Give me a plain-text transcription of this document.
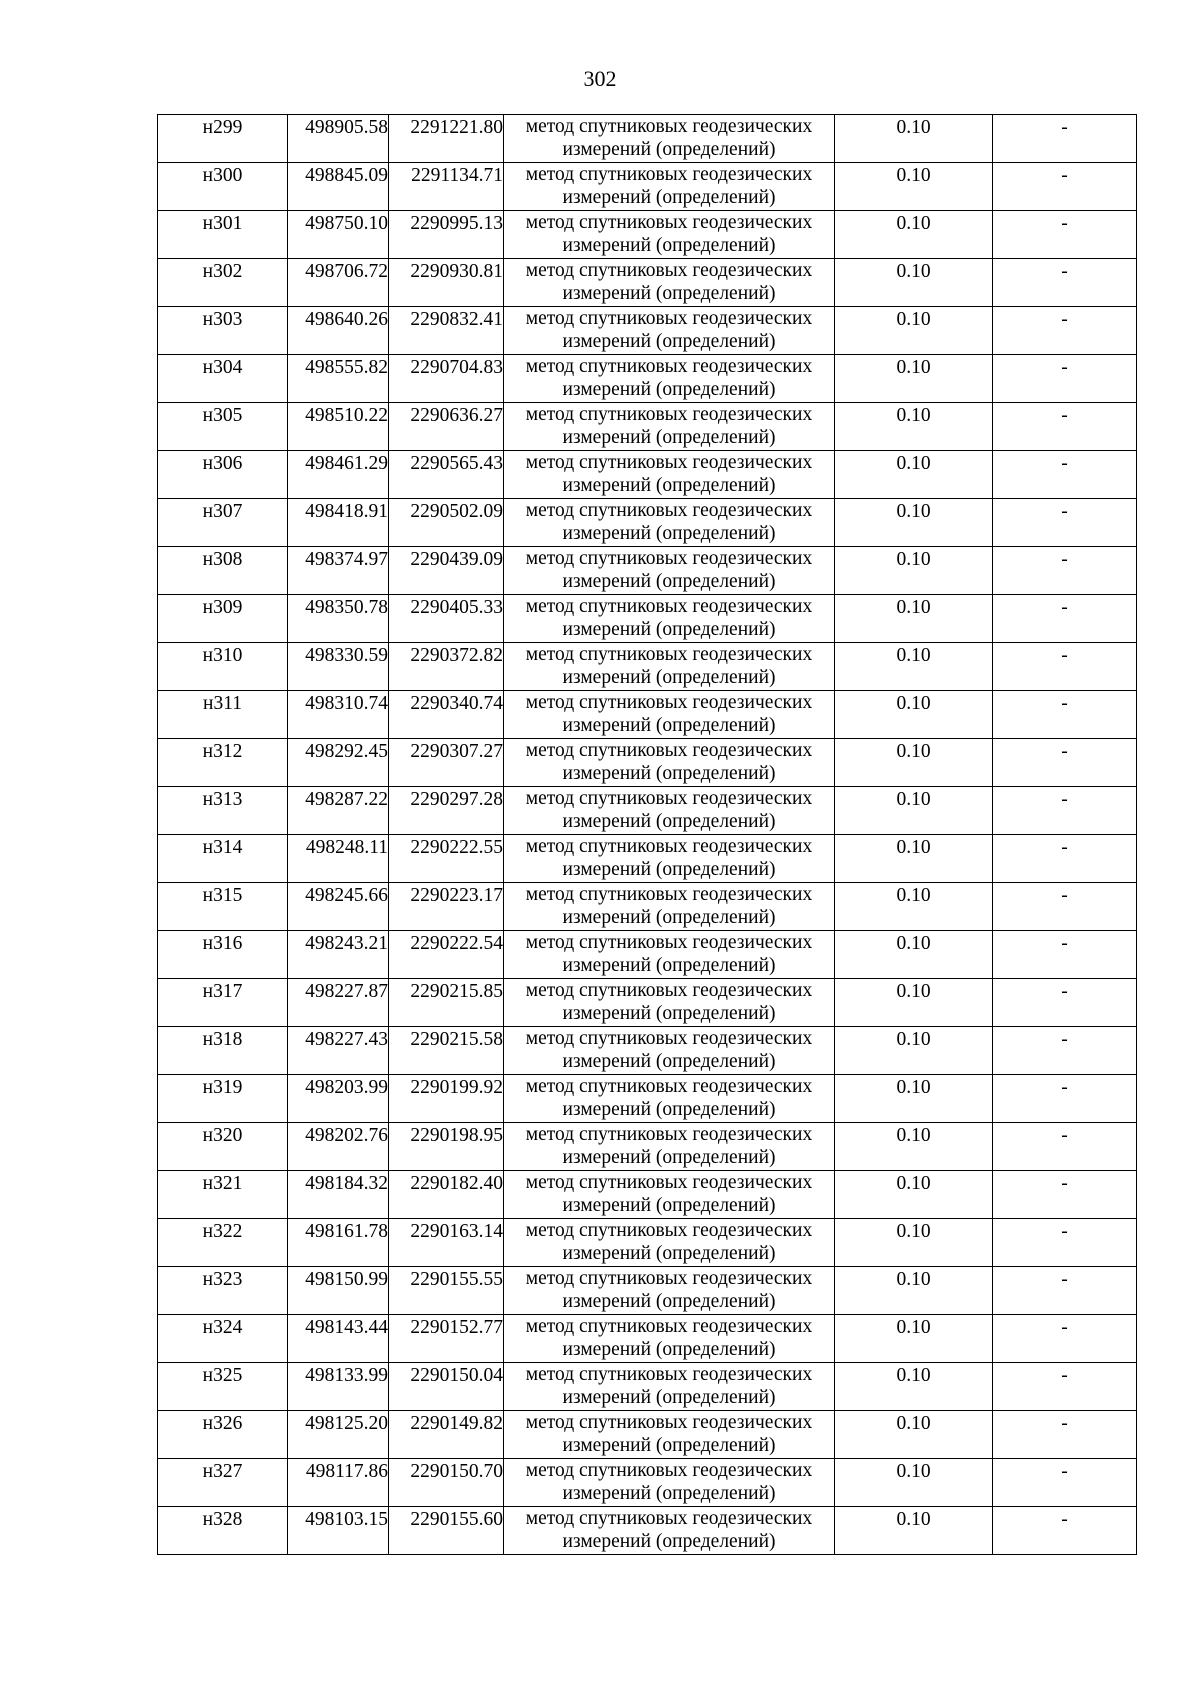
302
н299	498905.58	2291221.80	метод спутниковых геодезических
измерений (определений)	0.10	-

н300	498845.09	2291134.71	метод спутниковых геодезических
измерений (определений)	0.10	-

н301	498750.10	2290995.13	метод спутниковых геодезических
измерений (определений)	0.10	-

н302	498706.72	2290930.81	метод спутниковых геодезических
измерений (определений)	0.10	-

н303	498640.26	2290832.41	метод спутниковых геодезических
измерений (определений)	0.10	-

н304	498555.82	2290704.83	метод спутниковых геодезических
измерений (определений)	0.10	-

н305	498510.22	2290636.27	метод спутниковых геодезических
измерений (определений)	0.10	-

н306	498461.29	2290565.43	метод спутниковых геодезических
измерений (определений)	0.10	-

н307	498418.91	2290502.09	метод спутниковых геодезических
измерений (определений)	0.10	-

н308	498374.97	2290439.09	метод спутниковых геодезических
измерений (определений)	0.10	-

н309	498350.78	2290405.33	метод спутниковых геодезических
измерений (определений)	0.10	-

н310	498330.59	2290372.82	метод спутниковых геодезических
измерений (определений)	0.10	-

н311	498310.74	2290340.74	метод спутниковых геодезических
измерений (определений)	0.10	-

н312	498292.45	2290307.27	метод спутниковых геодезических
измерений (определений)	0.10	-

н313	498287.22	2290297.28	метод спутниковых геодезических
измерений (определений)	0.10	-

н314	498248.11	2290222.55	метод спутниковых геодезических
измерений (определений)	0.10	-

н315	498245.66	2290223.17	метод спутниковых геодезических
измерений (определений)	0.10	-

н316	498243.21	2290222.54	метод спутниковых геодезических
измерений (определений)	0.10	-

н317	498227.87	2290215.85	метод спутниковых геодезических
измерений (определений)	0.10	-

н318	498227.43	2290215.58	метод спутниковых геодезических
измерений (определений)	0.10	-

н319	498203.99	2290199.92	метод спутниковых геодезических
измерений (определений)	0.10	-

н320	498202.76	2290198.95	метод спутниковых геодезических
измерений (определений)	0.10	-

н321	498184.32	2290182.40	метод спутниковых геодезических
измерений (определений)	0.10	-

н322	498161.78	2290163.14	метод спутниковых геодезических
измерений (определений)	0.10	-

н323	498150.99	2290155.55	метод спутниковых геодезических
измерений (определений)	0.10	-

н324	498143.44	2290152.77	метод спутниковых геодезических
измерений (определений)	0.10	-

н325	498133.99	2290150.04	метод спутниковых геодезических
измерений (определений)	0.10	-

н326	498125.20	2290149.82	метод спутниковых геодезических
измерений (определений)	0.10	-

н327	498117.86	2290150.70	метод спутниковых геодезических
измерений (определений)	0.10	-

н328	498103.15	2290155.60	метод спутниковых геодезических
измерений (определений)	0.10	-
